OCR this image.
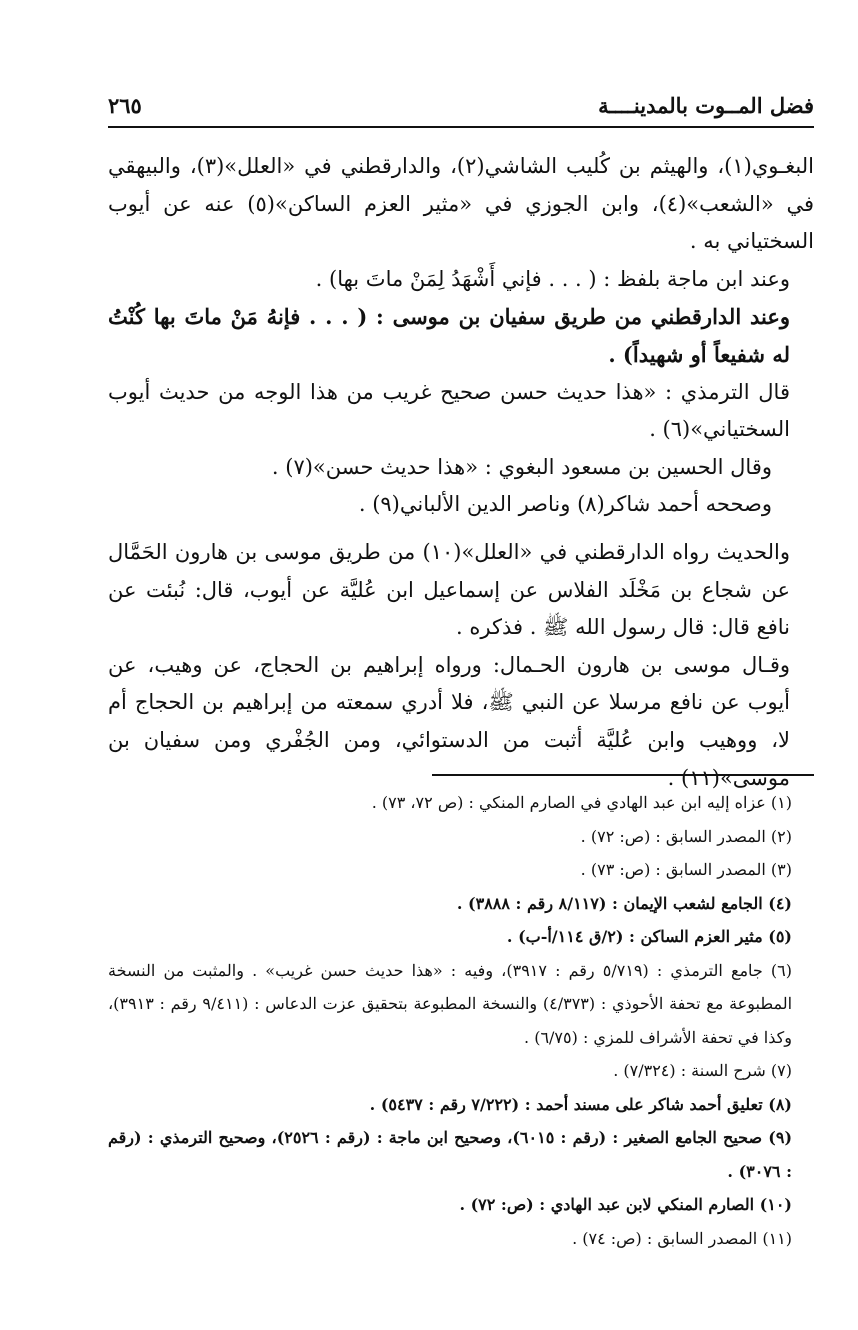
٢٦٥	فضل المــوت بالمدينــــة

البغـوي(١)، والهيثم بن كُليب الشاشي(٢)، والدارقطني في «العلل»(٣)، والبيهقي في «الشعب»(٤)، وابن الجوزي في «مثير العزم الساكن»(٥) عنه عن أيوب السختياني به .

وعند ابن ماجة بلفظ : ( . . . فإني أَشْهَدُ لِمَنْ ماتَ بها) .

وعند الدارقطني من طريق سفيان بن موسى : ( . . . فإنهُ مَنْ ماتَ بها كُنْتُ له شفيعاً أو شهيداً) .

قال الترمذي : «هذا حديث حسن صحيح غريب من هذا الوجه من حديث أيوب السختياني»(٦) .

وقال الحسين بن مسعود البغوي : «هذا حديث حسن»(٧) .

وصححه أحمد شاكر(٨) وناصر الدين الألباني(٩) .

والحديث رواه الدارقطني في «العلل»(١٠) من طريق موسى بن هارون الحَمَّال عن شجاع بن مَخْلَد الفلاس عن إسماعيل ابن عُليَّة عن أيوب، قال: نُبئت عن نافع قال: قال رسول الله ﷺ . فذكره .

وقـال موسى بن هارون الحـمال: ورواه إبراهيم بن الحجاج، عن وهيب، عن أيوب عن نافع مرسلا عن النبي ﷺ، فلا أدري سمعته من إبراهيم بن الحجاج أم لا، ووهيب وابن عُليَّة أثبت من الدستوائي، ومن الجُفْري ومن سفيان بن موسى»(١١) .

(١) عزاه إليه ابن عبد الهادي في الصارم المنكي : (ص ٧٢، ٧٣) .

(٢) المصدر السابق : (ص: ٧٢) .

(٣) المصدر السابق : (ص: ٧٣) .

(٤) الجامع لشعب الإيمان : (٨/١١٧ رقم : ٣٨٨٨) .

(٥) مثير العزم الساكن : (٢/ق ١١٤/أ-ب) .

(٦) جامع الترمذي : (٥/٧١٩ رقم : ٣٩١٧)، وفيه : «هذا حديث حسن غريب» . والمثبت من النسخة المطبوعة مع تحفة الأحوذي : (٤/٣٧٣) والنسخة المطبوعة بتحقيق عزت الدعاس : (٩/٤١١ رقم : ٣٩١٣)، وكذا في تحفة الأشراف للمزي : (٦/٧٥) .

(٧) شرح السنة : (٧/٣٢٤) .

(٨) تعليق أحمد شاكر على مسند أحمد : (٧/٢٢٢ رقم : ٥٤٣٧) .

(٩) صحيح الجامع الصغير : (رقم : ٦٠١٥)، وصحيح ابن ماجة : (رقم : ٢٥٢٦)، وصحيح الترمذي : (رقم : ٣٠٧٦) .

(١٠) الصارم المنكي لابن عبد الهادي : (ص: ٧٢) .

(١١) المصدر السابق : (ص: ٧٤) .
